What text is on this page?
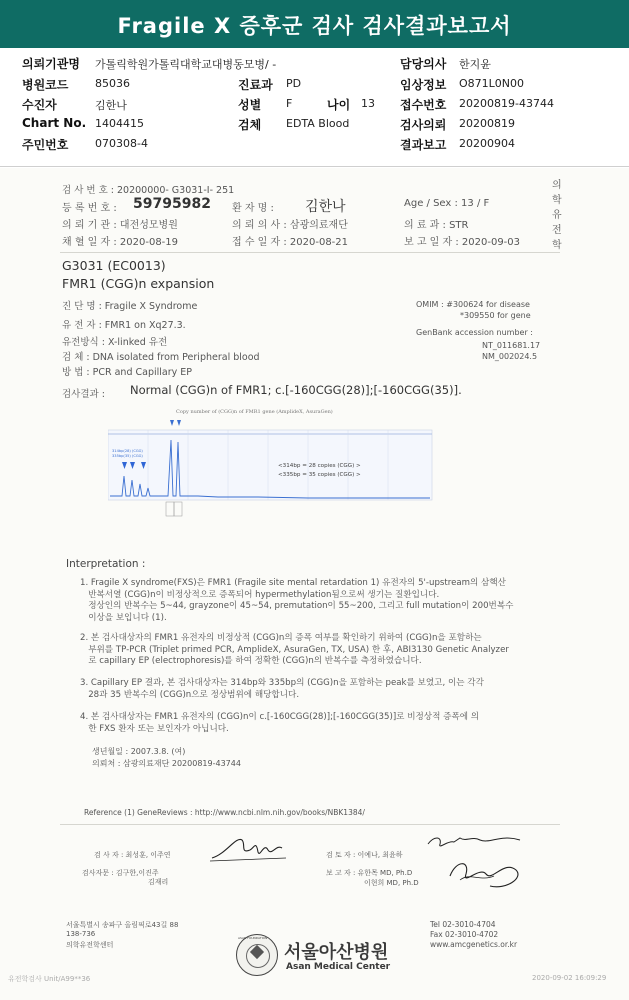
Fragile X 증후군 검사 검사결과보고서
의뢰기관명 가톨릭학원가톨릭대학교대병동모병/ -	담당의사 한지윤
병원코드 85036	진료과 PD	임상정보 O871L0N00
수진자	김한나	성별 F	나이 13 접수번호 20200819-43744
Chart No. 1404415	검체 EDTA Blood	검사의뢰 20200819
주민번호 070308-4	결과보고 20200904
검 사 번 호 : 20200000- G3031-I- 251
등 록 번 호 : 59795982 환 자 명 : 김한나	Age / Sex : 13 / F
의학유전학
의 뢰 기 관 : 대전성모병원	의 뢰 의 사 : 삼광의료재단	의 료 과 : STR
채 혈 일 자 : 2020-08-19	접 수 일 자 : 2020-08-21	보 고 일 자 : 2020-09-03
G3031 (EC0013)
FMR1 (CGG)n expansion
진 단 명 : Fragile X Syndrome
유 전 자 : FMR1 on Xq27.3.
유전방식 : X-linked 유전
검 체 : DNA isolated from Peripheral blood
방 법 : PCR and Capillary EP
OMIM : #300624 for disease
*309550 for gene
GenBank accession number :
NT_011681.17
NM_002024.5
검사결과 : Normal (CGG)n of FMR1; c.[-160CGG(28)];[-160CGG(35)].
Copy number of (CGG)n of FMR1 gene (AmplideX, AsuraGen)
314bp(28) (CGG)
335bp(35) (CGG)
<314bp = 28 copies (CGG) >
<335bp = 35 copies (CGG) >
Interpretation :
1. Fragile X syndrome(FXS)은 FMR1 (Fragile site mental retardation 1) 유전자의 5'-upstream의 삼핵산
반복서열 (CGG)n이 비정상적으로 증폭되어 hypermethylation됨으로써 생기는 질환입니다.
정상인의 반복수는 5~44, grayzone이 45~54, premutation이 55~200, 그리고 full mutation이 200번복수
이상을 보입니다 (1).
2. 본 검사대상자의 FMR1 유전자의 비정상적 (CGG)n의 증폭 여부를 확인하기 위하여 (CGG)n을 포함하는
부위를 TP-PCR (Triplet primed PCR, AmplideX, AsuraGen, TX, USA) 한 후, ABI3130 Genetic Analyzer
로 capillary EP (electrophoresis)를 하여 정확한 (CGG)n의 반복수를 측정하였습니다.
3. Capillary EP 결과, 본 검사대상자는 314bp와 335bp의 (CGG)n을 포함하는 peak를 보였고, 이는 각각
28과 35 반복수의 (CGG)n으로 정상범위에 해당합니다.
4. 본 검사대상자는 FMR1 유전자의 (CGG)n이 c.[-160CGG(28)];[-160CGG(35)]로 비정상적 증폭에 의
한 FXS 환자 또는 보인자가 아닙니다.
생년월일 : 2007.3.8. (여)
의뢰처 : 삼광의료재단 20200819-43744
Reference (1) GeneReviews : http://www.ncbi.nlm.nih.gov/books/NBK1384/
검 사 자 : 최성훈, 이주연
검사자문 : 김구한,이진주
김재리
검 토 자 : 이예나, 최윤하
보 고 자 : 유한목 MD, Ph.D
이현희 MD, Ph.D
서울특별시 송파구 올림픽로43길 88
138-736
의학유전학센터
ASAN FOUNDATION
서울아산병원
Asan Medical Center
Tel 02-3010-4704
Fax 02-3010-4702
www.amcgenetics.or.kr
유전학검사 Unit/A99**36	2020-09-02 16:09:29
